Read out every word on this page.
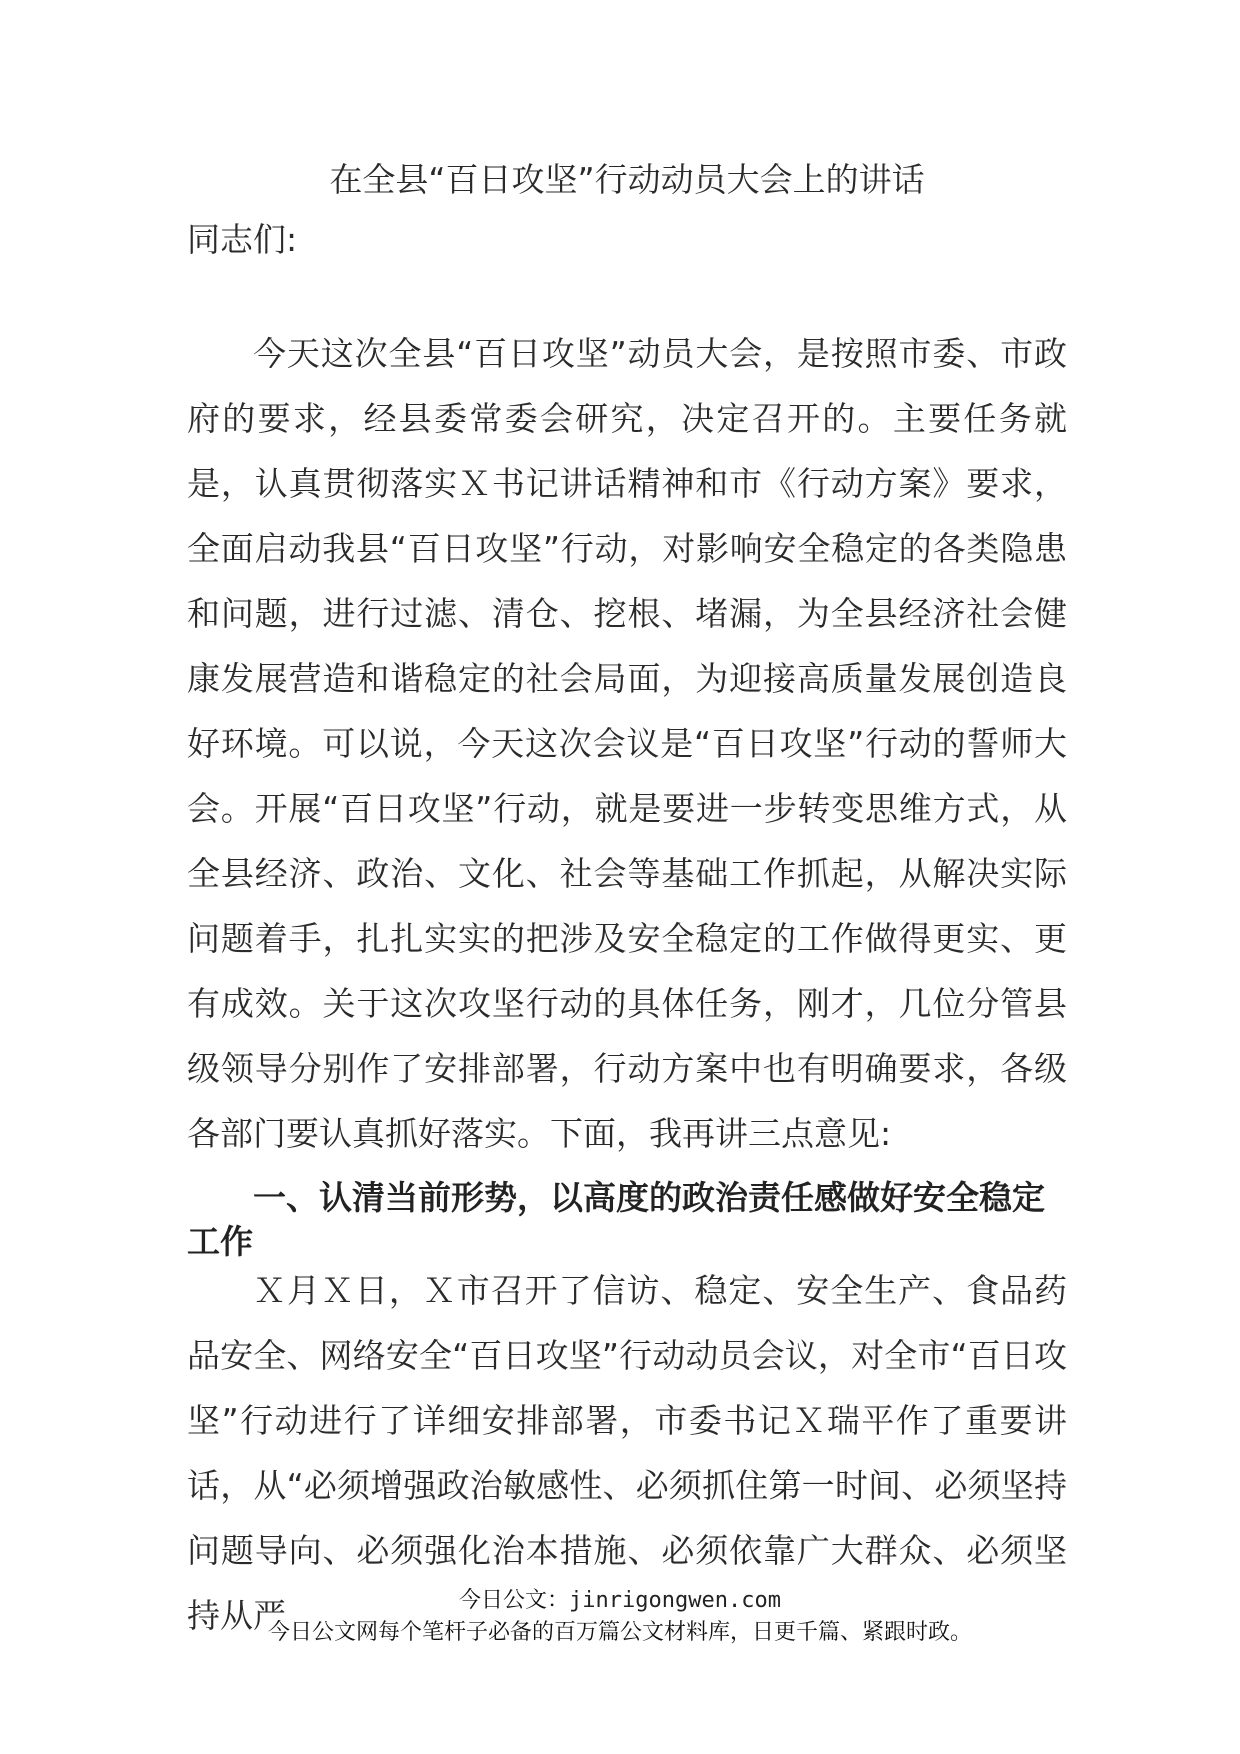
在全县“百日攻坚”行动动员大会上的讲话

同志们:

今天这次全县“百日攻坚”动员大会，是按照市委、市政府的要求，经县委常委会研究，决定召开的。主要任务就是，认真贯彻落实Ｘ书记讲话精神和市《行动方案》要求，全面启动我县“百日攻坚”行动，对影响安全稳定的各类隐患和问题，进行过滤、清仓、挖根、堵漏，为全县经济社会健康发展营造和谐稳定的社会局面，为迎接高质量发展创造良好环境。可以说，今天这次会议是“百日攻坚”行动的誓师大会。开展“百日攻坚”行动，就是要进一步转变思维方式，从全县经济、政治、文化、社会等基础工作抓起，从解决实际问题着手，扎扎实实的把涉及安全稳定的工作做得更实、更有成效。关于这次攻坚行动的具体任务，刚才，几位分管县级领导分别作了安排部署，行动方案中也有明确要求，各级各部门要认真抓好落实。下面，我再讲三点意见:

一、认清当前形势，以高度的政治责任感做好安全稳定工作

Ｘ月Ｘ日，Ｘ市召开了信访、稳定、安全生产、食品药品安全、网络安全“百日攻坚”行动动员会议，对全市“百日攻坚”行动进行了详细安排部署，市委书记Ｘ瑞平作了重要讲话，从“必须增强政治敏感性、必须抓住第一时间、必须坚持问题导向、必须强化治本措施、必须依靠广大群众、必须坚持从严	今日公文：jinrigongwen.com
今日公文网每个笔杆子必备的百万篇公文材料库，日更千篇、紧跟时政。
